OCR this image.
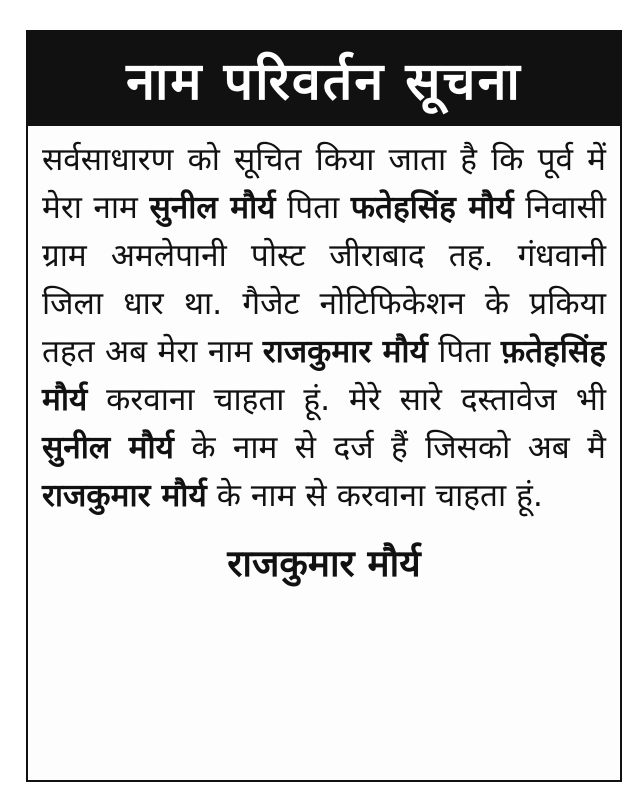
नाम परिवर्तन सूचना
सर्वसाधारण को सूचित किया जाता है कि पूर्व में मेरा नाम सुनील मौर्य पिता फतेहसिंह मौर्य निवासी ग्राम अमलेपानी पोस्ट जीराबाद तह. गंधवानी जिला धार था. गैजेट नोटिफिकेशन के प्रकिया तहत अब मेरा नाम राजकुमार मौर्य पिता फ़तेहसिंह मौर्य करवाना चाहता हूं. मेरे सारे दस्तावेज भी सुनील मौर्य के नाम से दर्ज हैं जिसको अब मै राजकुमार मौर्य के नाम से करवाना चाहता हूं.
राजकुमार मौर्य
